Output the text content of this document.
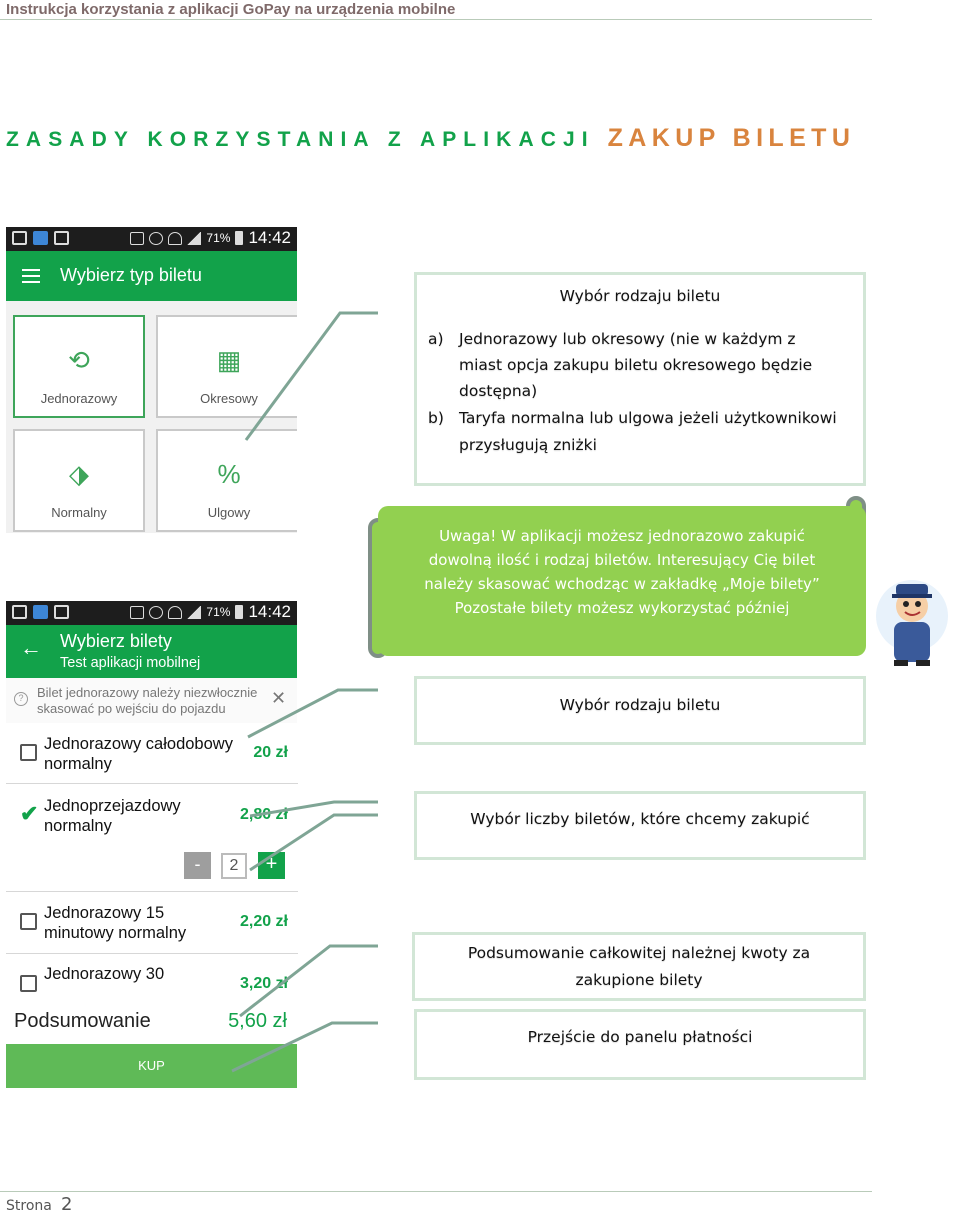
Instrukcja korzystania z aplikacji GoPay na urządzenia mobilne
ZASADY KORZYSTANIA Z APLIKACJI ZAKUP BILETU
71% 14:42
Wybierz typ biletu
⟲
Jednorazowy
▦
Okresowy
⬗
Normalny
%
Ulgowy
71% 14:42
← Wybierz bilety
Test aplikacji mobilnej
?	Bilet jednorazowy należy niezwłocznie
skasować po wejściu do pojazdu
✕
Jednorazowy całodobowy
normalny
20 zł
✔ Jednoprzejazdowy
normalny
2,80 zł
-	2	+
Jednorazowy 15
minutowy normalny
2,20 zł
Jednorazowy 30
3,20 zł
Podsumowanie	5,60 zł
KUP
Wybór rodzaju biletu
a) Jednorazowy lub okresowy (nie w każdym z
miast opcja zakupu biletu okresowego będzie
dostępna)
b) Taryfa normalna lub ulgowa jeżeli użytkownikowi
przysługują zniżki
Uwaga! W aplikacji możesz jednorazowo zakupić
dowolną ilość i rodzaj biletów. Interesujący Cię bilet
należy skasować wchodząc w zakładkę „Moje bilety”
Pozostałe bilety możesz wykorzystać później
Wybór rodzaju biletu
Wybór liczby biletów, które chcemy zakupić
Podsumowanie całkowitej należnej kwoty za
zakupione bilety
Przejście do panelu płatności
Strona 2
